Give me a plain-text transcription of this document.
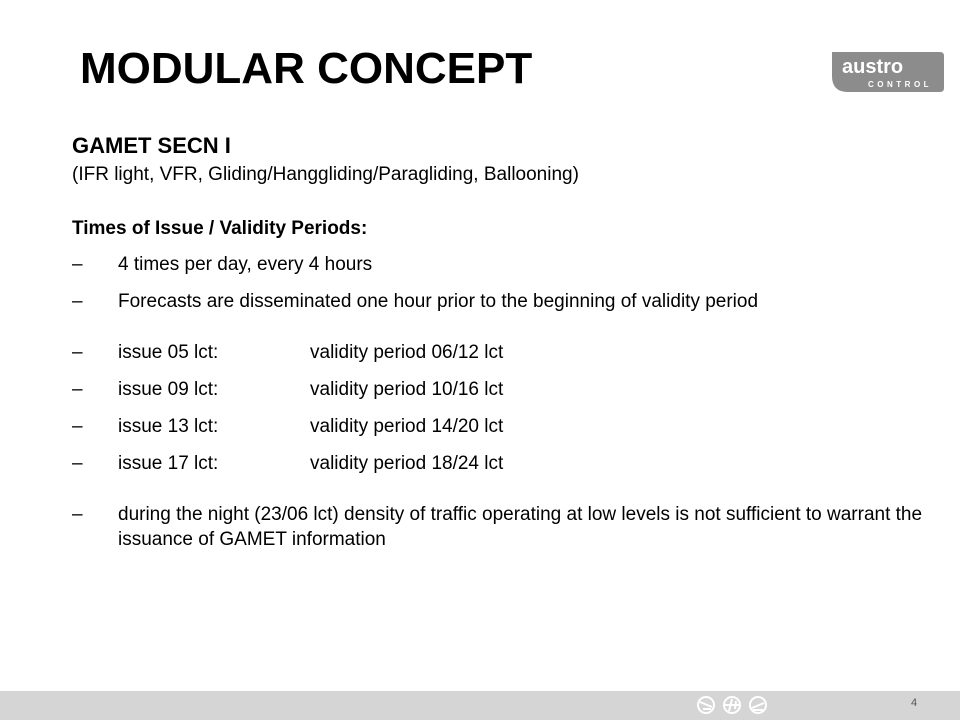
MODULAR CONCEPT	austro
CONTROL

GAMET SECN I

(IFR light, VFR, Gliding/Hanggliding/Paragliding, Ballooning)

Times of Issue / Validity Periods:

– 4 times per day, every 4 hours
– Forecasts are disseminated one hour prior to the beginning of validity period
– issue 05 lct:	validity period 06/12 lct
– issue 09 lct:	validity period 10/16 lct
– issue 13 lct:	validity period 14/20 lct
– issue 17 lct:	validity period 18/24 lct
– during the night (23/06 lct) density of traffic operating at low levels is not sufficient to warrant the issuance of GAMET information
4
